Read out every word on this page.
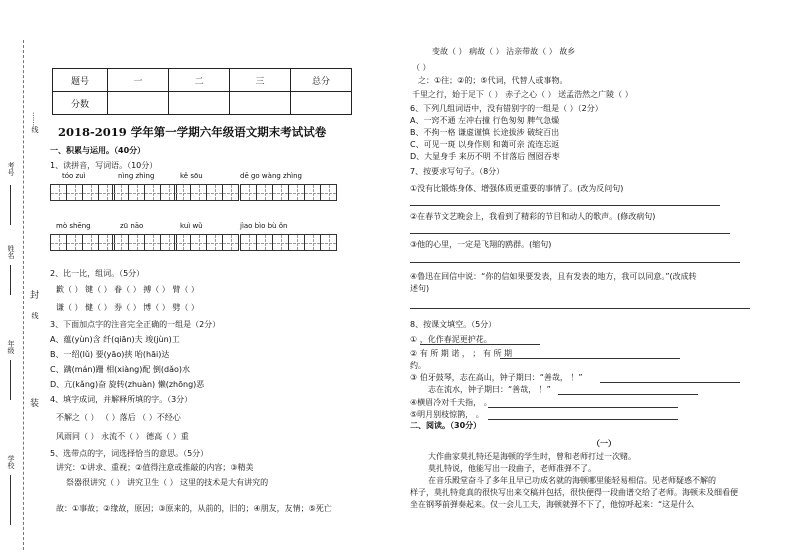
……线
考号
姓名
封
线
年级
装
学校
题号	一	二	三	总分
分数				
2018-2019 学年第一学期六年级语文期末考试试卷
一、积累与运用。（40分）
1、读拼音，写词语。（10分）
tóo zuì	nìng zhìng	kě sōu	dē go wàng zhìng
mò shēng	zū nāo	kuì wǔ	jìao bìo bù ǒn
2、比一比，组词。（5分）
歉（ ） 键（ ） 眷（ ） 搏（ ） 臂（ ）
谦（ ） 健（ ） 券（ ） 博（ ） 劈（ ）
3、下面加点字的注音完全正确的一组是（2分）
A、蕴(yùn)含 纤(qiān)夫 竣(jùn)工
B、一绍(lǔ) 要(yāo)挟 咍(hāi)达
C、蹒(mán)跚 相(xiàng)配 倒(dǎo)水
D、亢(kǎng)奋 旋转(zhuàn) 懒(zhōng)恶
4、填字成词，并解释所填的字。（3分）
不解之（ ） （ ）落后 （ ）不经心
风雨同（ ） 永流不（ ） 德高（ ）重
5、选带点的字，词选择恰当的意思。（5分）
讲究：①讲求、重视；②值得注意或推敲的内容；③精美
祭器很讲究（ ） 讲究卫生（ ） 这里的技术是大有讲究的
故：①事故；②缘故，原因；③原来的，从前的，旧的；④朋友，友情；⑤死亡
变故（ ） 病故（ ） 沾亲带故（ ） 故乡
（ ）
之：①往；②的；⑤代词，代替人或事物。
千里之行，始于足下（ ） 赤子之心（ ） 送孟浩然之广陵（ ）
6、下列几组词语中，没有错别字的一组是（ ）（2分）
A、一窍不通 左冲右撞 行色匆匆 脾气急燥
B、不拘一格 谦虚谨慎 长途拔涉 破绽百出
C、可见一斑 以身作则 和蔼可亲 流连忘返
D、大显身手 来历不明 不甘落后 囫囵吞枣
7、按要求写句子。（8分）
①没有比锻炼身体、增强体质更重要的事情了。(改为反问句)
②在春节文艺晚会上，我看到了精彩的节目和动人的歌声。(修改病句)
③他的心里，一定是飞翔的鸥群。(缩句)
④鲁迅在回信中说：“你的信如果要发表，且有发表的地方，我可以同意。”(改成转
述句)
8、按课文填空。（5分）
① ，化作春泥更护花。
② 有 所 期 诺 ， ； 有 所 期
约。
③ 伯牙鼓琴，志在高山，钟子期曰：“善哉， ！”
志在流水，钟子期曰：“善哉， ！”
④横眉冷对千夫指， 。
⑤明月别枝惊鹊， 。
二、阅读。（30分）
（一）
大作曲家莫扎特还是海顿的学生时，曾和老师打过一次赌。
莫扎特说，他能写出一段曲子，老师准弹不了。
在音乐殿堂奋斗了多年且早已功成名就的海顿哪里能轻易相信。见老师疑惑不解的
样子，莫扎特竟真的很快写出来交稿并包括，很快便得一段曲谱交给了老师。海顿未及细看便
坐在钢琴前弹奏起来。仅一会儿工夫，海顿就弹不下了，他惊呼起来：“这是什么
